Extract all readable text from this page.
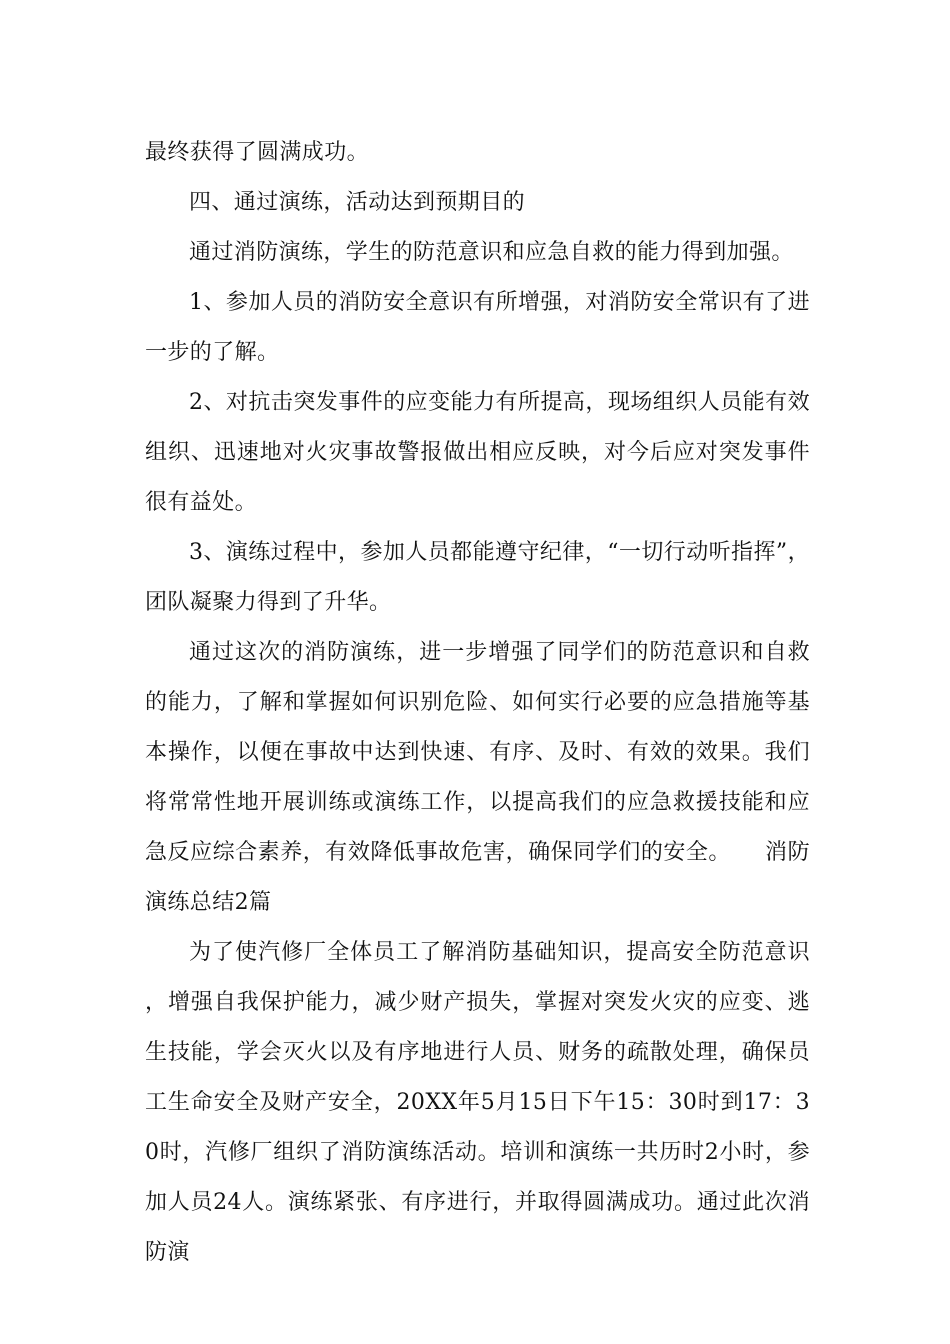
最终获得了圆满成功。

四、通过演练，活动达到预期目的

通过消防演练，学生的防范意识和应急自救的能力得到加强。

1、参加人员的消防安全意识有所增强，对消防安全常识有了进一步的了解。

2、对抗击突发事件的应变能力有所提高，现场组织人员能有效组织、迅速地对火灾事故警报做出相应反映，对今后应对突发事件很有益处。

3、演练过程中，参加人员都能遵守纪律，“一切行动听指挥”，团队凝聚力得到了升华。

通过这次的消防演练，进一步增强了同学们的防范意识和自救的能力，了解和掌握如何识别危险、如何实行必要的应急措施等基本操作，以便在事故中达到快速、有序、及时、有效的效果。我们将常常性地开展训练或演练工作，以提高我们的应急救援技能和应急反应综合素养，有效降低事故危害，确保同学们的安全。　　消防演练总结2篇

为了使汽修厂全体员工了解消防基础知识，提高安全防范意识，增强自我保护能力，减少财产损失，掌握对突发火灾的应变、逃生技能，学会灭火以及有序地进行人员、财务的疏散处理，确保员工生命安全及财产安全，20XX年5月15日下午15：30时到17：30时，汽修厂组织了消防演练活动。培训和演练一共历时2小时，参加人员24人。演练紧张、有序进行，并取得圆满成功。通过此次消防演
